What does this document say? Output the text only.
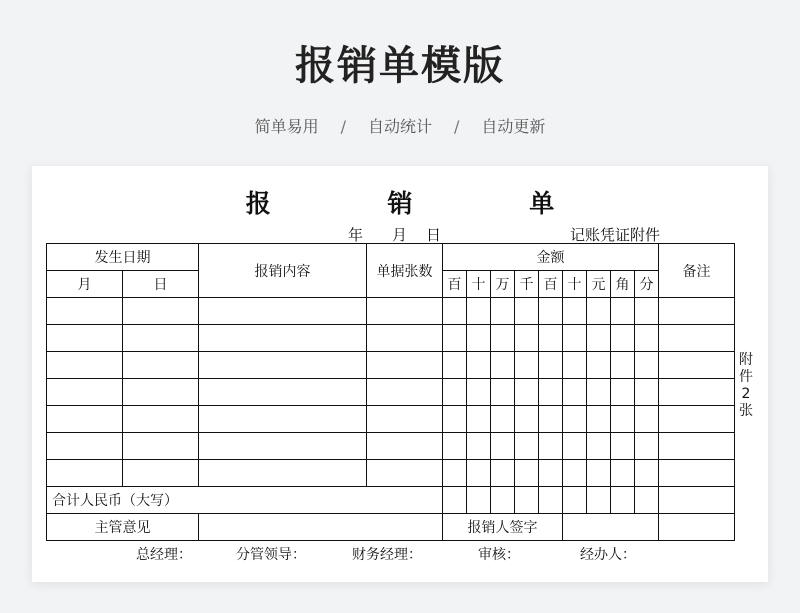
报销单模版
简单易用 / 自动统计 / 自动更新
报 销 单
年 月 日	记账凭证附件
发生日期		报销内容	单据张数	金额									备注
月	日			百	十	万	千	百	十	元	角	分	

合计人民币（大写）													
主管意见				报销人签字									
附
件
2
张
总经理：	分管领导：	财务经理：	审核：	经办人：
